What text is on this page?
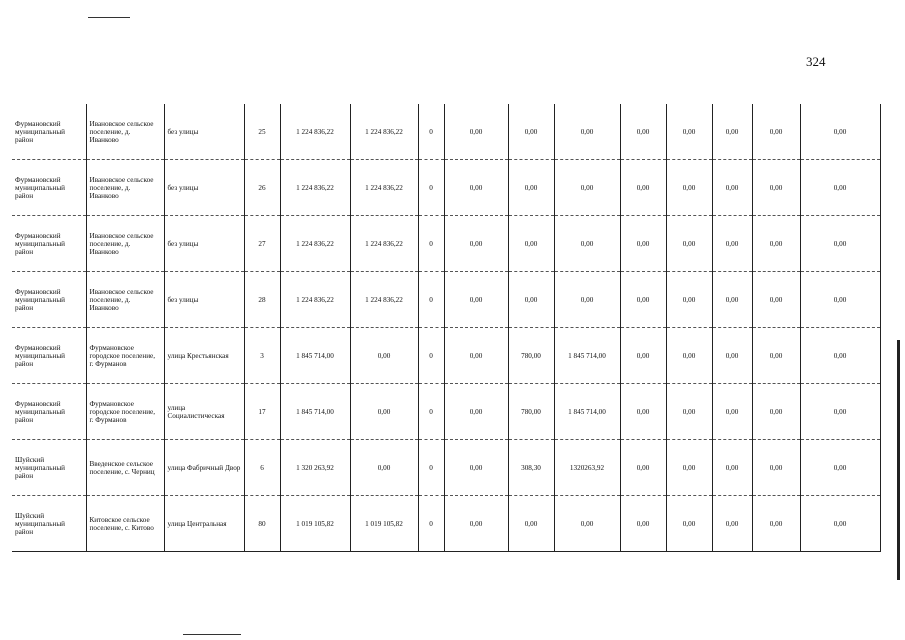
324
Фурмановский муниципальный район	Ивановское сельское поселение, д. Иванково	без улицы	25	1 224 836,22	1 224 836,22	0	0,00	0,00	0,00	0,00	0,00	0,00	0,00	0,00
Фурмановский муниципальный район	Ивановское сельское поселение, д. Иванково	без улицы	26	1 224 836,22	1 224 836,22	0	0,00	0,00	0,00	0,00	0,00	0,00	0,00	0,00
Фурмановский муниципальный район	Ивановское сельское поселение, д. Иванково	без улицы	27	1 224 836,22	1 224 836,22	0	0,00	0,00	0,00	0,00	0,00	0,00	0,00	0,00
Фурмановский муниципальный район	Ивановское сельское поселение, д. Иванково	без улицы	28	1 224 836,22	1 224 836,22	0	0,00	0,00	0,00	0,00	0,00	0,00	0,00	0,00
Фурмановский муниципальный район	Фурмановское городское поселение, г. Фурманов	улица Крестьянская	3	1 845 714,00	0,00	0	0,00	780,00	1 845 714,00	0,00	0,00	0,00	0,00	0,00
Фурмановский муниципальный район	Фурмановское городское поселение, г. Фурманов	улица Социалистическая	17	1 845 714,00	0,00	0	0,00	780,00	1 845 714,00	0,00	0,00	0,00	0,00	0,00
Шуйский муниципальный район	Введенское сельское поселение, с. Черниц	улица Фабричный Двор	6	1 320 263,92	0,00	0	0,00	308,30	1320263,92	0,00	0,00	0,00	0,00	0,00
Шуйский муниципальный район	Китовское сельское поселение, с. Китово	улица Центральная	80	1 019 105,82	1 019 105,82	0	0,00	0,00	0,00	0,00	0,00	0,00	0,00	0,00
